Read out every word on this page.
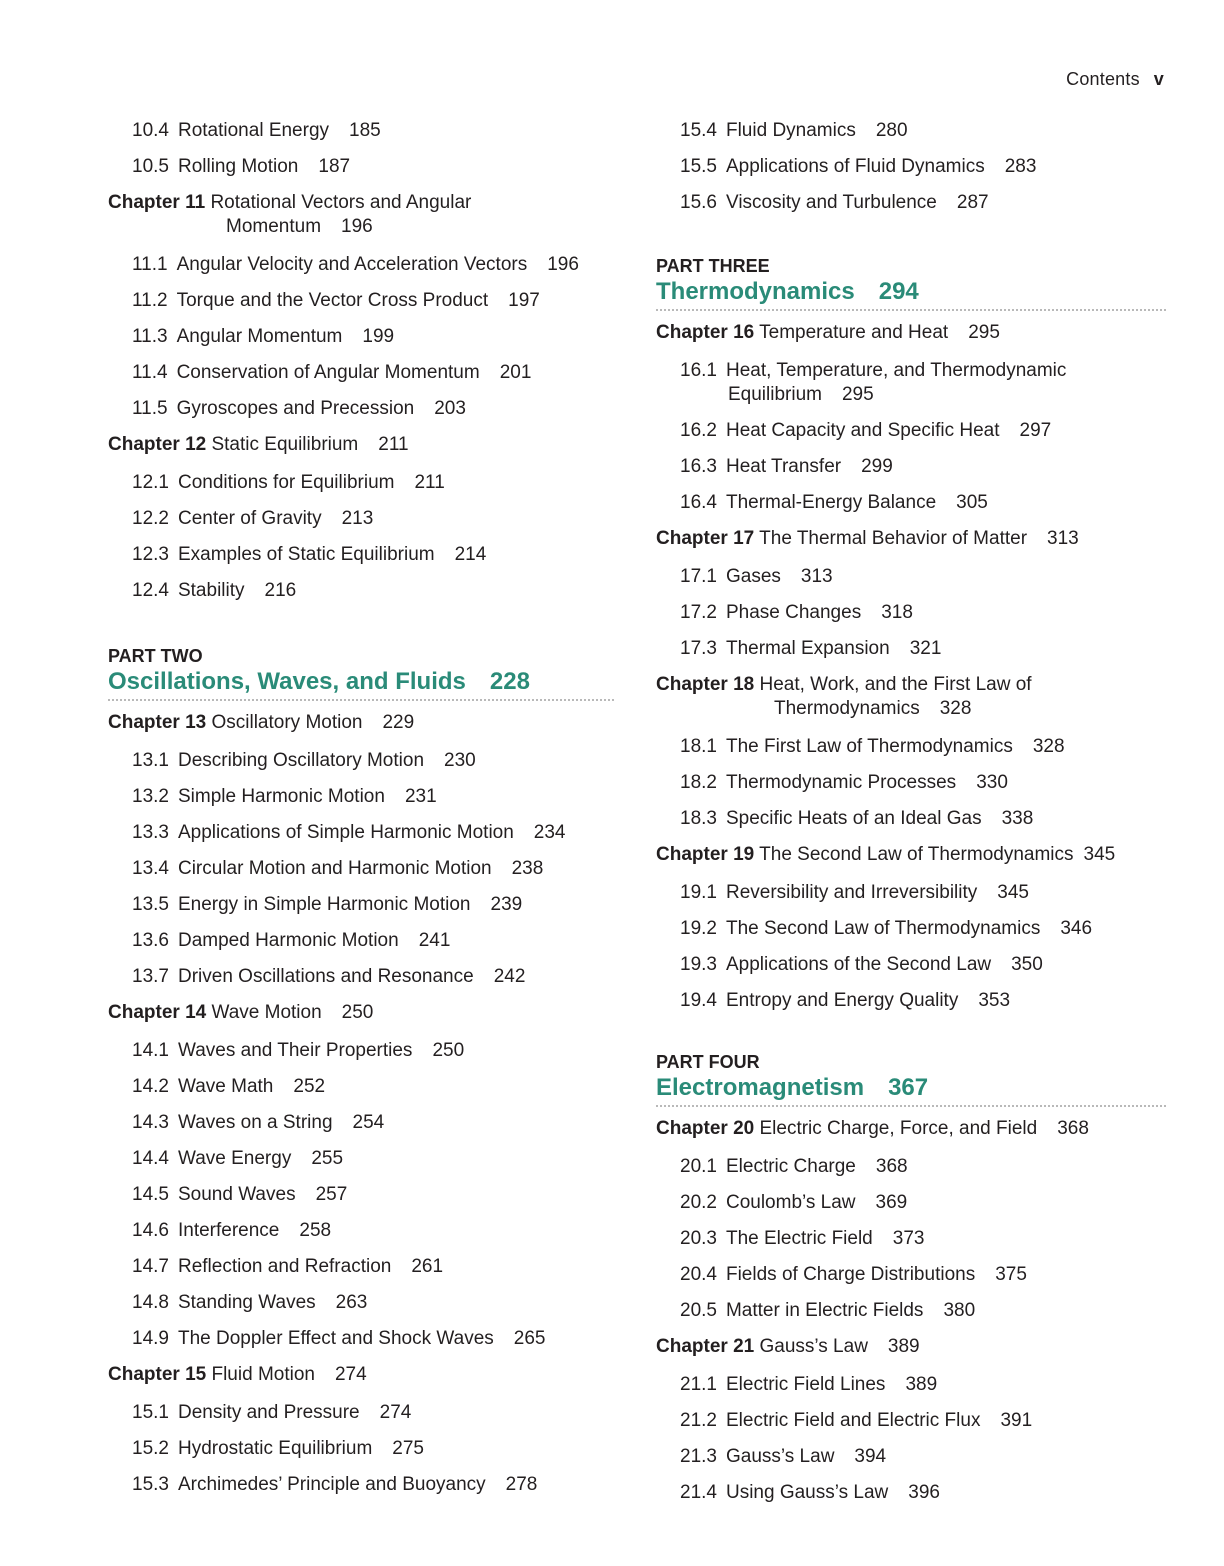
Contents v
10.4 Rotational Energy 185
10.5 Rolling Motion 187
Chapter 11 Rotational Vectors and Angular
Momentum 196
11.1 Angular Velocity and Acceleration Vectors 196
11.2 Torque and the Vector Cross Product 197
11.3 Angular Momentum 199
11.4 Conservation of Angular Momentum 201
11.5 Gyroscopes and Precession 203
Chapter 12 Static Equilibrium 211
12.1 Conditions for Equilibrium 211
12.2 Center of Gravity 213
12.3 Examples of Static Equilibrium 214
12.4 Stability 216
PART TWO
Oscillations, Waves, and Fluids 228
Chapter 13 Oscillatory Motion 229
13.1 Describing Oscillatory Motion 230
13.2 Simple Harmonic Motion 231
13.3 Applications of Simple Harmonic Motion 234
13.4 Circular Motion and Harmonic Motion 238
13.5 Energy in Simple Harmonic Motion 239
13.6 Damped Harmonic Motion 241
13.7 Driven Oscillations and Resonance 242
Chapter 14 Wave Motion 250
14.1 Waves and Their Properties 250
14.2 Wave Math 252
14.3 Waves on a String 254
14.4 Wave Energy 255
14.5 Sound Waves 257
14.6 Interference 258
14.7 Reflection and Refraction 261
14.8 Standing Waves 263
14.9 The Doppler Effect and Shock Waves 265
Chapter 15 Fluid Motion 274
15.1 Density and Pressure 274
15.2 Hydrostatic Equilibrium 275
15.3 Archimedes’ Principle and Buoyancy 278
15.4 Fluid Dynamics 280
15.5 Applications of Fluid Dynamics 283
15.6 Viscosity and Turbulence 287
PART THREE
Thermodynamics 294
Chapter 16 Temperature and Heat 295
16.1 Heat, Temperature, and Thermodynamic
Equilibrium 295
16.2 Heat Capacity and Specific Heat 297
16.3 Heat Transfer 299
16.4 Thermal-Energy Balance 305
Chapter 17 The Thermal Behavior of Matter 313
17.1 Gases 313
17.2 Phase Changes 318
17.3 Thermal Expansion 321
Chapter 18 Heat, Work, and the First Law of
Thermodynamics 328
18.1 The First Law of Thermodynamics 328
18.2 Thermodynamic Processes 330
18.3 Specific Heats of an Ideal Gas 338
Chapter 19 The Second Law of Thermodynamics 345
19.1 Reversibility and Irreversibility 345
19.2 The Second Law of Thermodynamics 346
19.3 Applications of the Second Law 350
19.4 Entropy and Energy Quality 353
PART FOUR
Electromagnetism 367
Chapter 20 Electric Charge, Force, and Field 368
20.1 Electric Charge 368
20.2 Coulomb’s Law 369
20.3 The Electric Field 373
20.4 Fields of Charge Distributions 375
20.5 Matter in Electric Fields 380
Chapter 21 Gauss’s Law 389
21.1 Electric Field Lines 389
21.2 Electric Field and Electric Flux 391
21.3 Gauss’s Law 394
21.4 Using Gauss’s Law 396
